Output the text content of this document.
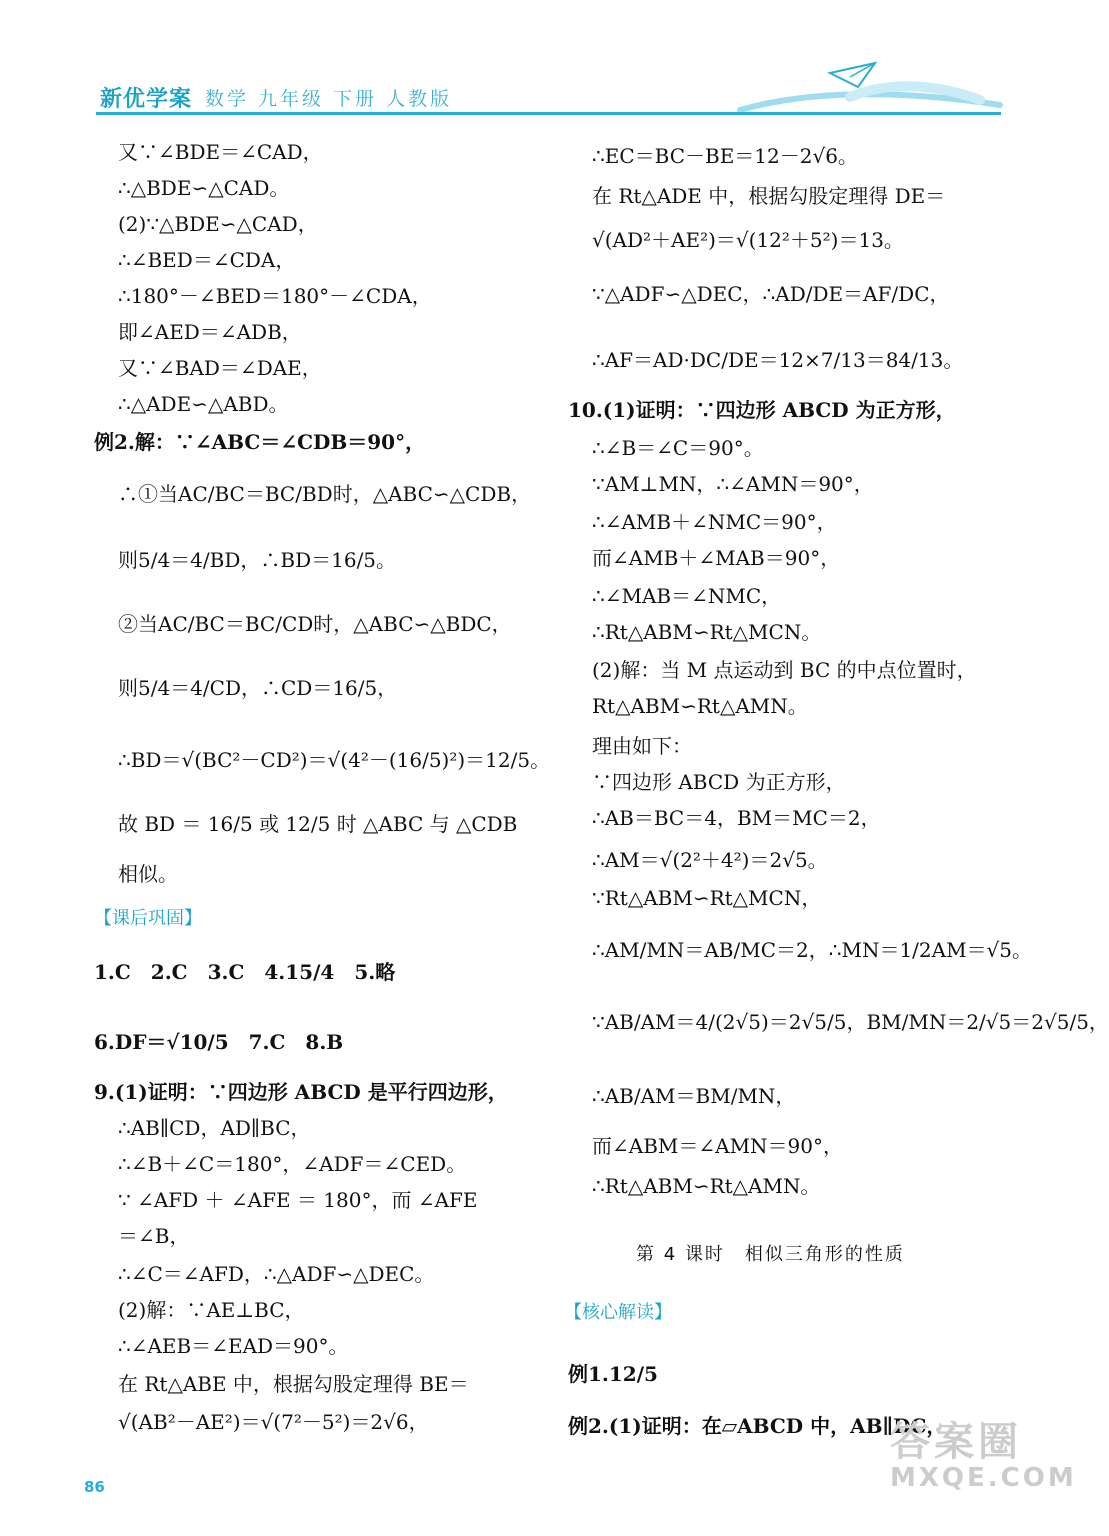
新优学案 数学 九年级 下册 人教版
又∵∠BDE＝∠CAD，
∴△BDE∽△CAD。
(2)∵△BDE∽△CAD，
∴∠BED＝∠CDA，
∴180°－∠BED＝180°－∠CDA，
即∠AED＝∠ADB，
又∵∠BAD＝∠DAE，
∴△ADE∽△ABD。
例2.解：∵∠ABC＝∠CDB＝90°，
∴①当AC/BC＝BC/BD时，△ABC∽△CDB，
则5/4＝4/BD，∴BD＝16/5。
②当AC/BC＝BC/CD时，△ABC∽△BDC，
则5/4＝4/CD，∴CD＝16/5，
∴BD＝√(BC²－CD²)＝√(4²－(16/5)²)＝12/5。
故 BD ＝ 16/5 或 12/5 时 △ABC 与 △CDB
相似。
【课后巩固】
1.C　2.C　3.C　4.15/4　5.略
6.DF＝√10/5　7.C　8.B
9.(1)证明：∵四边形 ABCD 是平行四边形，
∴AB∥CD，AD∥BC，
∴∠B＋∠C＝180°，∠ADF＝∠CED。
∵ ∠AFD ＋ ∠AFE ＝ 180°，而 ∠AFE
＝∠B，
∴∠C＝∠AFD，∴△ADF∽△DEC。
(2)解：∵AE⊥BC，
∴∠AEB＝∠EAD＝90°。
在 Rt△ABE 中，根据勾股定理得 BE＝
√(AB²－AE²)＝√(7²－5²)＝2√6，
∴EC＝BC－BE＝12－2√6。
在 Rt△ADE 中，根据勾股定理得 DE＝
√(AD²＋AE²)＝√(12²＋5²)＝13。
∵△ADF∽△DEC，∴AD/DE＝AF/DC，
∴AF＝AD·DC/DE＝12×7/13＝84/13。
10.(1)证明：∵四边形 ABCD 为正方形，
∴∠B＝∠C＝90°。
∵AM⊥MN，∴∠AMN＝90°，
∴∠AMB＋∠NMC＝90°，
而∠AMB＋∠MAB＝90°，
∴∠MAB＝∠NMC，
∴Rt△ABM∽Rt△MCN。
(2)解：当 M 点运动到 BC 的中点位置时，
Rt△ABM∽Rt△AMN。
理由如下：
∵四边形 ABCD 为正方形，
∴AB＝BC＝4，BM＝MC＝2，
∴AM＝√(2²＋4²)＝2√5。
∵Rt△ABM∽Rt△MCN，
∴AM/MN＝AB/MC＝2，∴MN＝1/2AM＝√5。
∵AB/AM＝4/(2√5)＝2√5/5，BM/MN＝2/√5＝2√5/5，
∴AB/AM＝BM/MN，
而∠ABM＝∠AMN＝90°，
∴Rt△ABM∽Rt△AMN。
第 4 课时　相似三角形的性质
【核心解读】
例1.12/5
例2.(1)证明：在▱ABCD 中，AB∥DC，
86
答案圈
MXQE.COM
